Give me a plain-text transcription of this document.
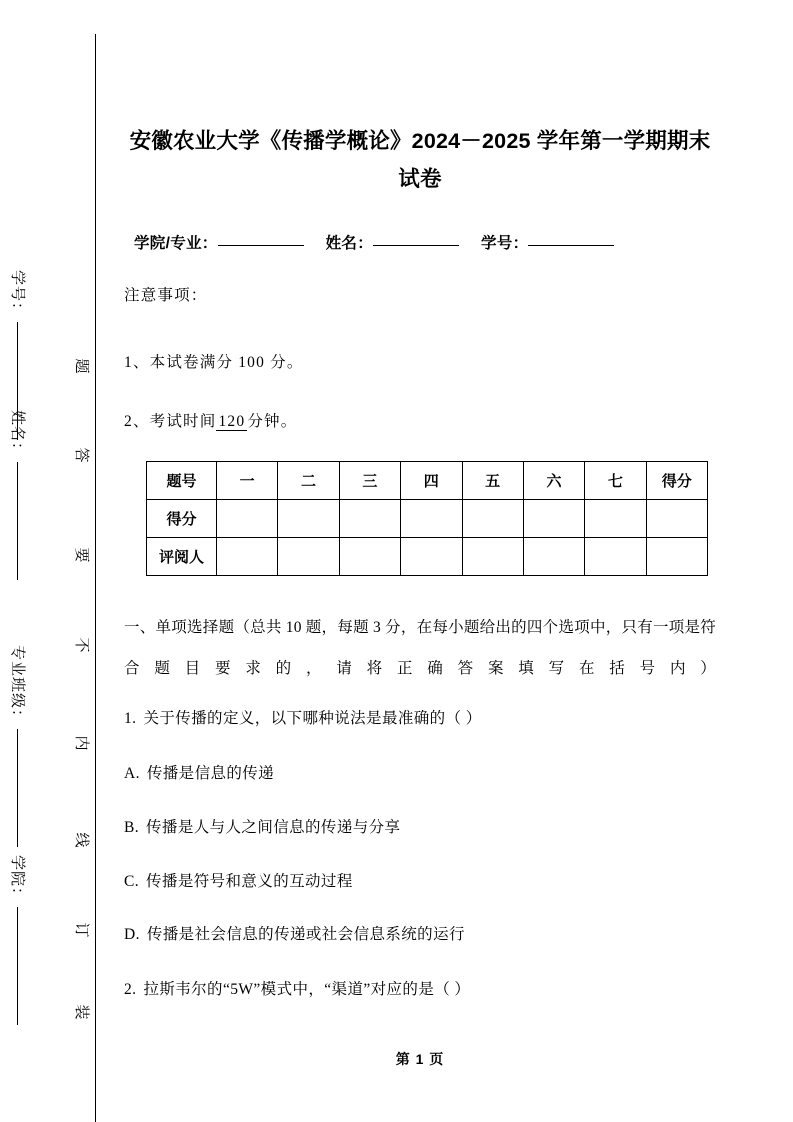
学号：
姓名：
专业班级：
学院：
题
答
要
不
内
线
订
装
安徽农业大学《传播学概论》2024－2025 学年第一学期期末试卷
学院/专业：	姓名：	学号：
注意事项：
1、本试卷满分 100 分。
2、考试时间 120 分钟。
题号	一	二	三	四	五	六	七	得分
得分								
评阅人								
一、单项选择题（总共 10 题，每题 3 分，在每小题给出的四个选项中，只有一项是符合题目要求的，请将正确答案填写在括号内）
1. 关于传播的定义，以下哪种说法是最准确的（ ）
A. 传播是信息的传递
B. 传播是人与人之间信息的传递与分享
C. 传播是符号和意义的互动过程
D. 传播是社会信息的传递或社会信息系统的运行
2. 拉斯韦尔的“5W”模式中，“渠道”对应的是（ ）
第 1 页
